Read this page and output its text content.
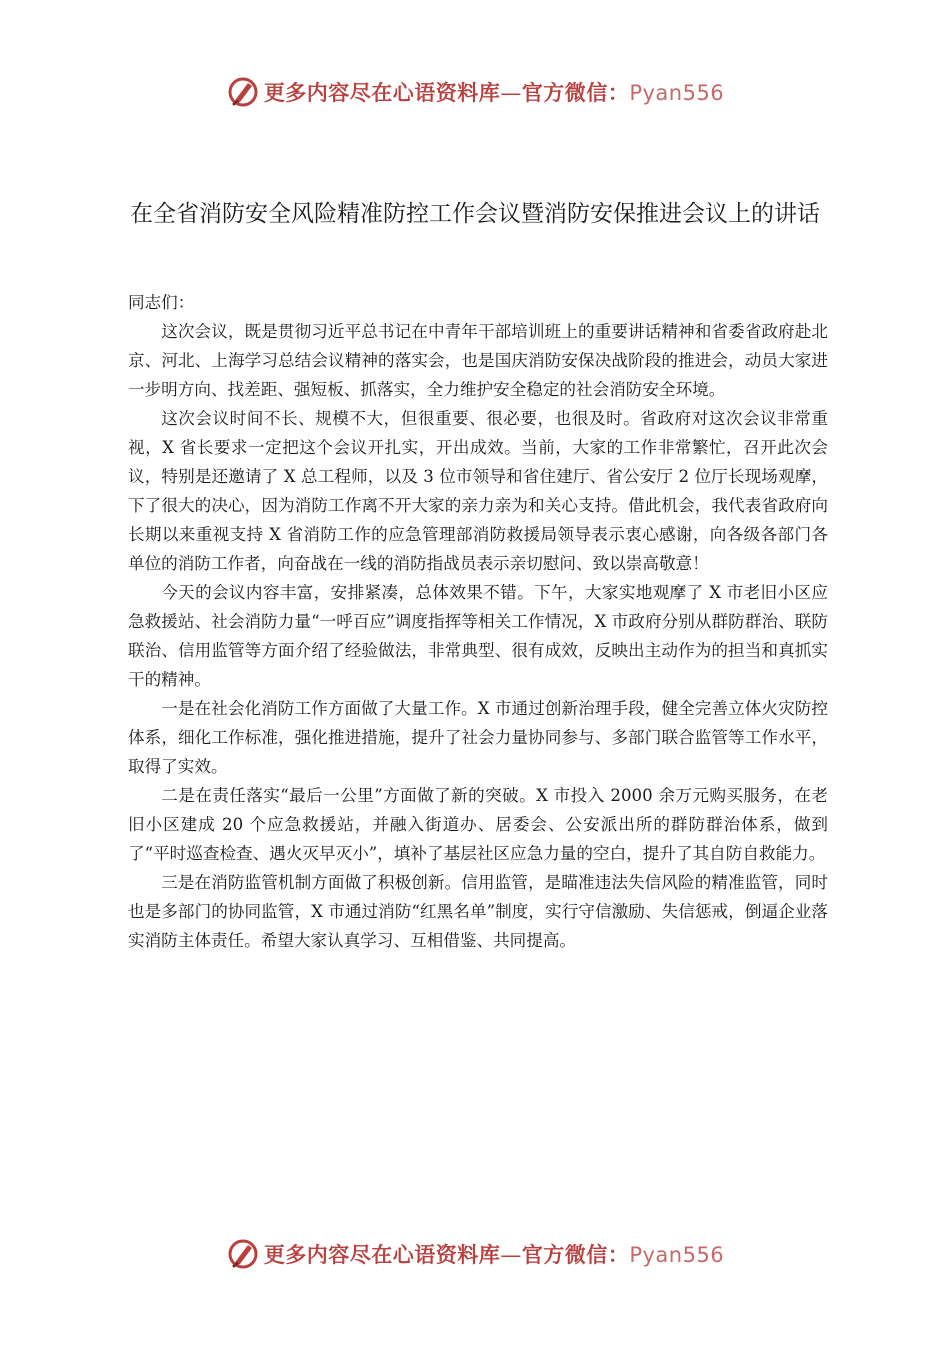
更多内容尽在心语资料库—官方微信：Pyan556
在全省消防安全风险精准防控工作会议暨消防安保推进会议上的讲话

同志们：

这次会议，既是贯彻习近平总书记在中青年干部培训班上的重要讲话精神和省委省政府赴北京、河北、上海学习总结会议精神的落实会，也是国庆消防安保决战阶段的推进会，动员大家进一步明方向、找差距、强短板、抓落实，全力维护安全稳定的社会消防安全环境。

这次会议时间不长、规模不大，但很重要、很必要，也很及时。省政府对这次会议非常重视，X 省长要求一定把这个会议开扎实，开出成效。当前，大家的工作非常繁忙，召开此次会议，特别是还邀请了 X 总工程师，以及 3 位市领导和省住建厅、省公安厅 2 位厅长现场观摩，下了很大的决心，因为消防工作离不开大家的亲力亲为和关心支持。借此机会，我代表省政府向长期以来重视支持 X 省消防工作的应急管理部消防救援局领导表示衷心感谢，向各级各部门各单位的消防工作者，向奋战在一线的消防指战员表示亲切慰问、致以崇高敬意！

今天的会议内容丰富，安排紧凑，总体效果不错。下午，大家实地观摩了 X 市老旧小区应急救援站、社会消防力量“一呼百应”调度指挥等相关工作情况，X 市政府分别从群防群治、联防联治、信用监管等方面介绍了经验做法，非常典型、很有成效，反映出主动作为的担当和真抓实干的精神。

一是在社会化消防工作方面做了大量工作。X 市通过创新治理手段，健全完善立体火灾防控体系，细化工作标准，强化推进措施，提升了社会力量协同参与、多部门联合监管等工作水平，取得了实效。

二是在责任落实“最后一公里”方面做了新的突破。X 市投入 2000 余万元购买服务，在老旧小区建成 20 个应急救援站，并融入街道办、居委会、公安派出所的群防群治体系，做到了“平时巡查检查、遇火灭早灭小”，填补了基层社区应急力量的空白，提升了其自防自救能力。

三是在消防监管机制方面做了积极创新。信用监管，是瞄准违法失信风险的精准监管，同时也是多部门的协同监管，X 市通过消防“红黑名单”制度，实行守信激励、失信惩戒，倒逼企业落实消防主体责任。希望大家认真学习、互相借鉴、共同提高。

更多内容尽在心语资料库—官方微信：Pyan556
